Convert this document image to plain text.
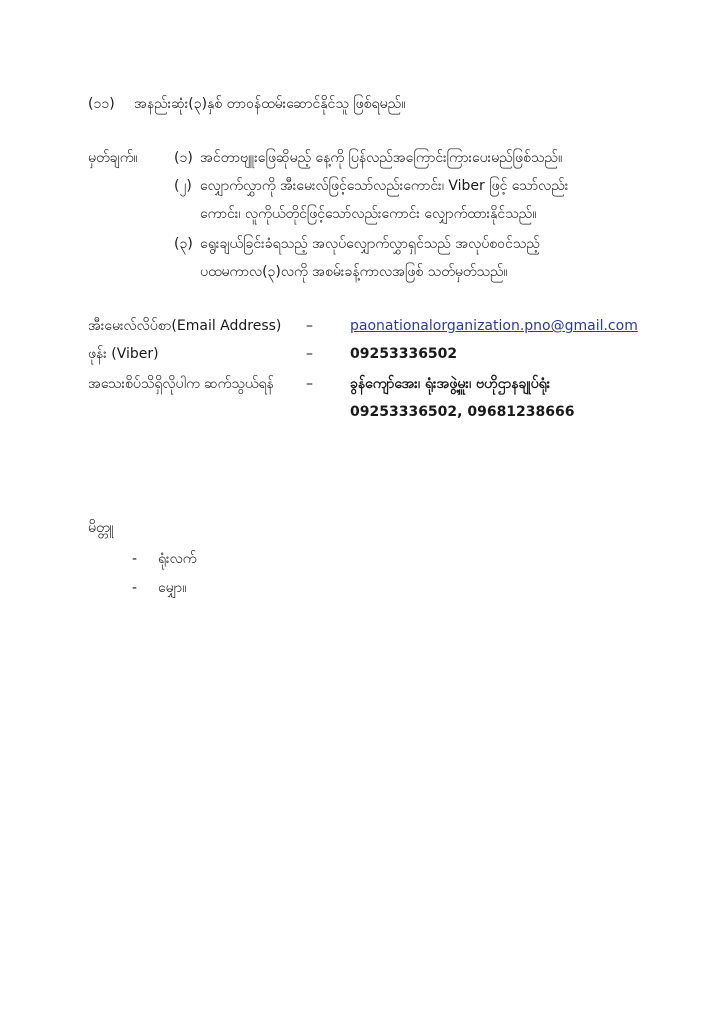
(၁၁) အနည်းဆုံး(၃)နှစ် တာဝန်ထမ်းဆောင်နိုင်သူ ဖြစ်ရမည်။
မှတ်ချက်။	(၁) အင်တာဗျူးဖြေဆိုမည့် နေ့ကို ပြန်လည်အကြောင်းကြားပေးမည်ဖြစ်သည်။
(၂) လျှောက်လွှာကို အီးမေးလ်ဖြင့်သော်လည်းကောင်း၊ Viber ဖြင့် သော်လည်း
ကောင်း၊ လူကိုယ်တိုင်ဖြင့်သော်လည်းကောင်း လျှောက်ထားနိုင်သည်။
(၃) ရွေးချယ်ခြင်းခံရသည့် အလုပ်လျှောက်လွှာရှင်သည် အလုပ်စဝင်သည့်
ပထမကာလ(၃)လကို အစမ်းခန့်ကာလအဖြစ် သတ်မှတ်သည်။
အီးမေးလ်လိပ်စာ(Email Address) –	paonationalorganization.pno@gmail.com
ဖုန်း (Viber)	–	09253336502
အသေးစိပ်သိရှိလိုပါက ဆက်သွယ်ရန် –	ခွန်ကျော်အေး၊ ရုံးအဖွဲ့မှူး၊ ဗဟိုဌာနချုပ်ရုံး
09253336502, 09681238666
မိတ္တူ
- ရုံးလက်
- မျှော။
